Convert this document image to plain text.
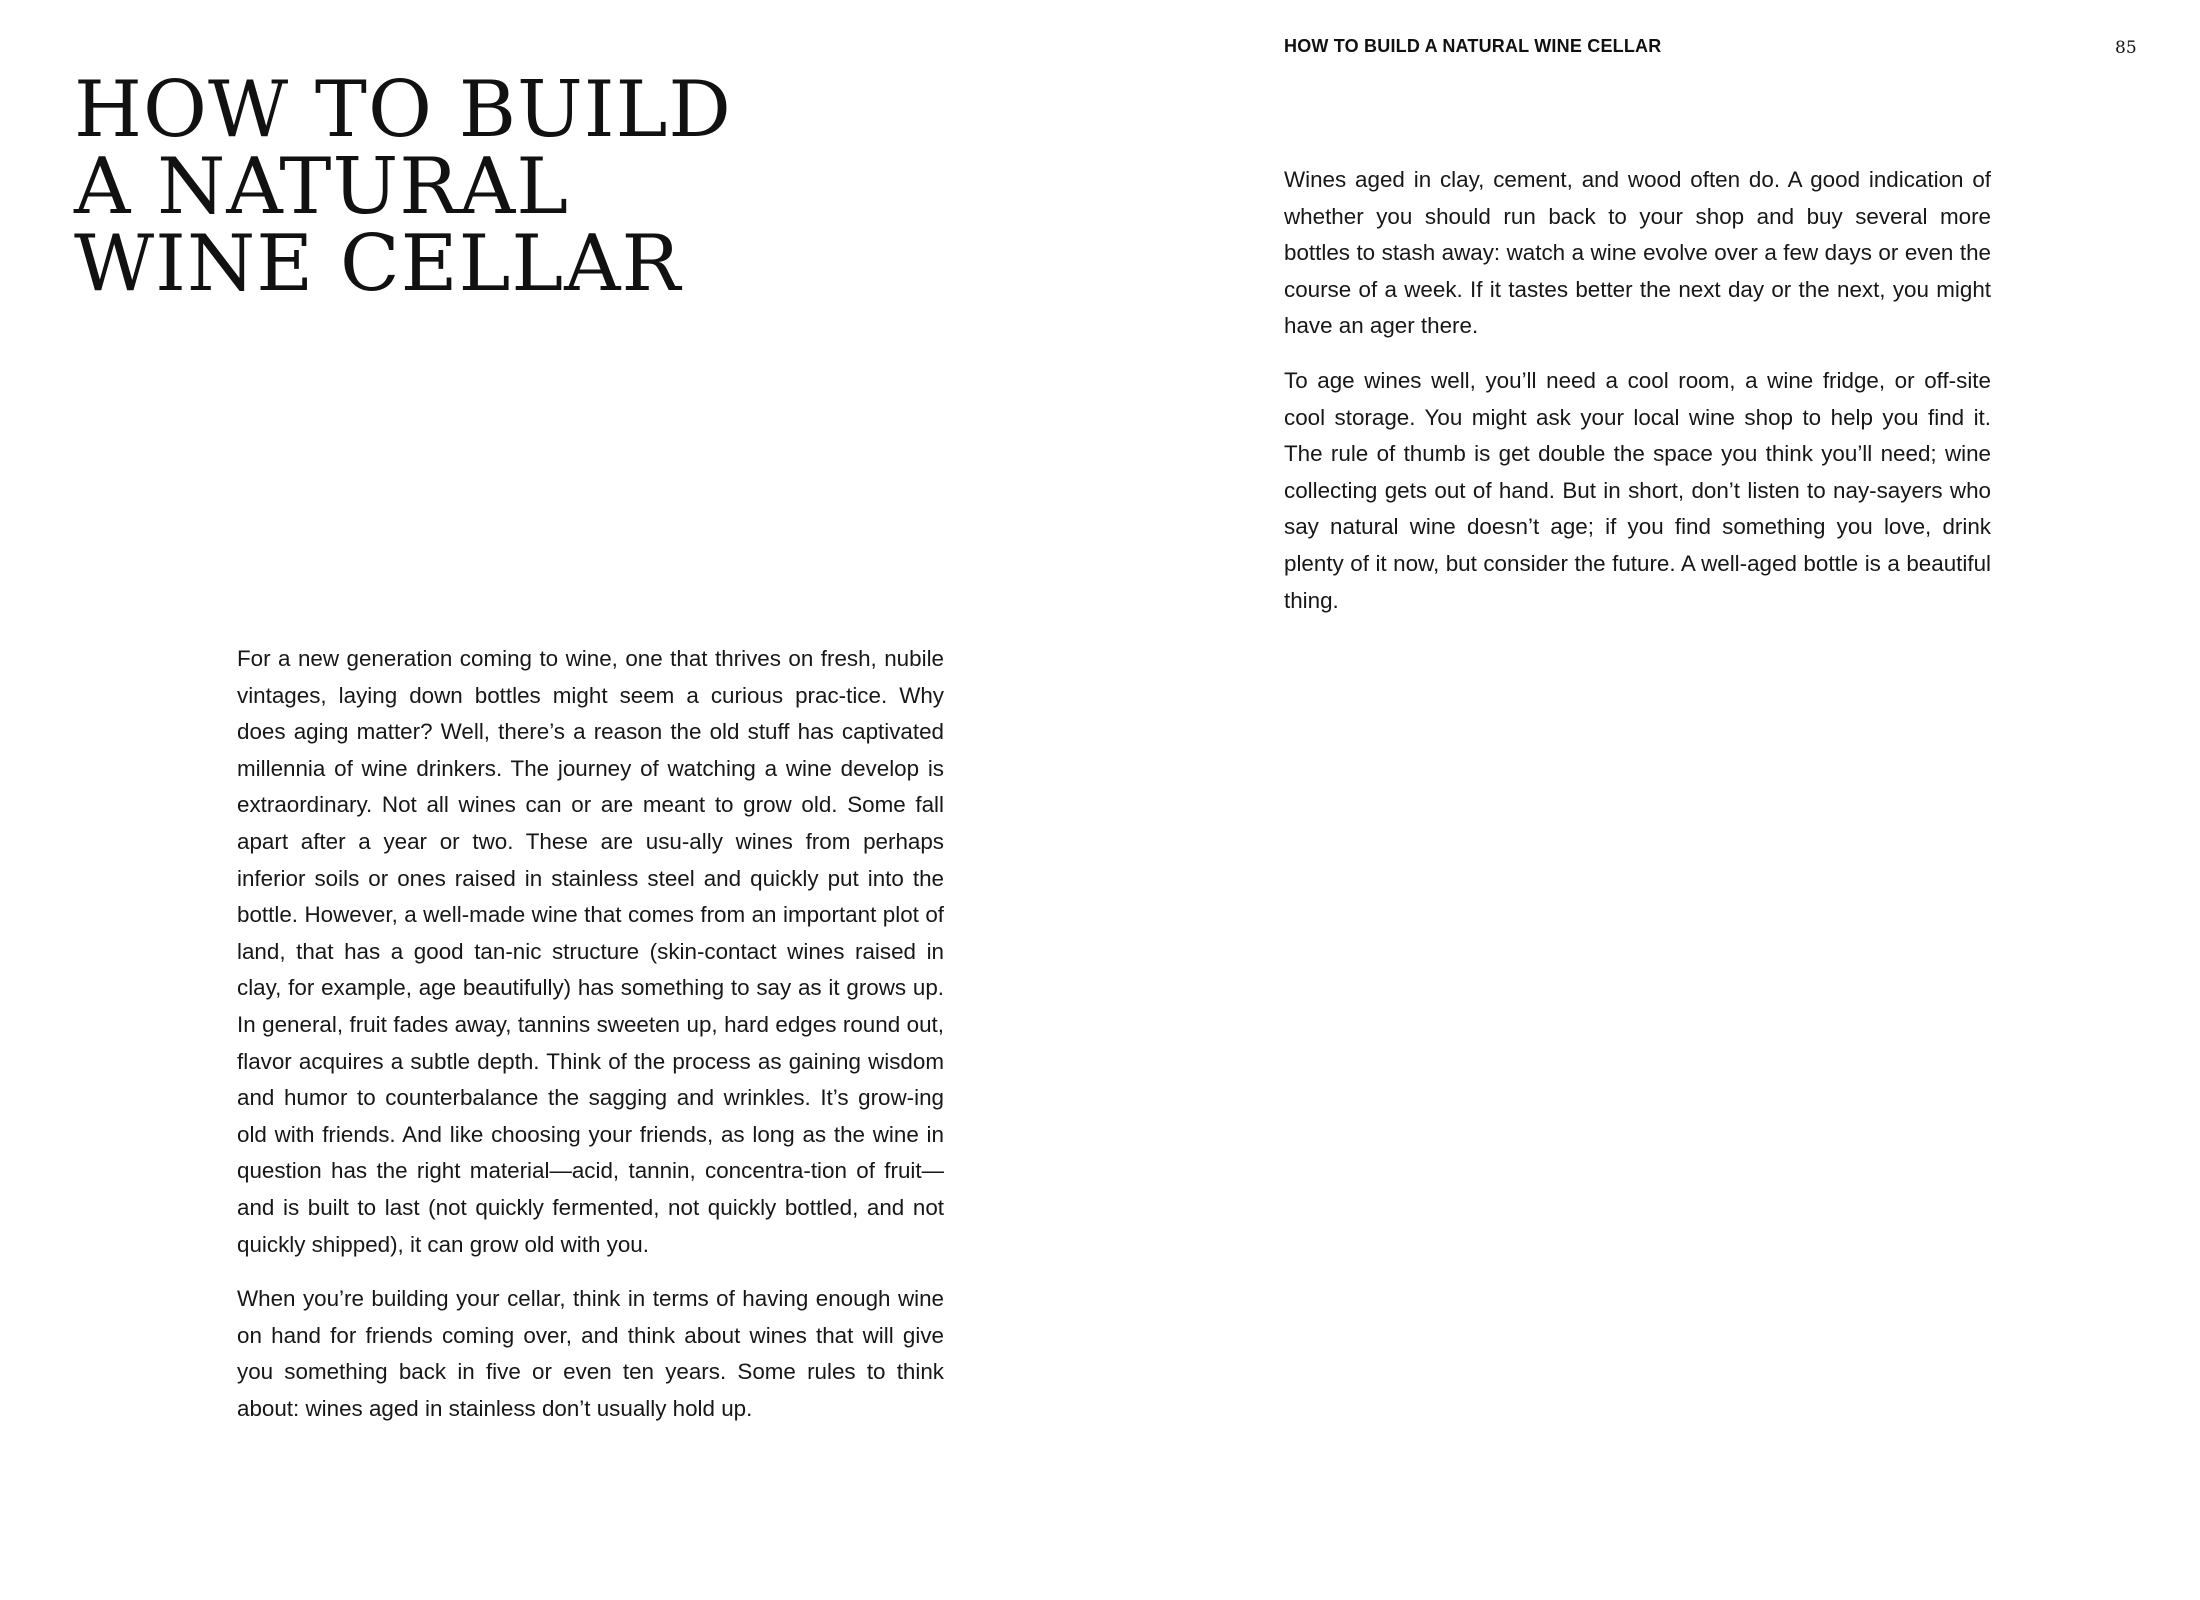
HOW TO BUILD
A NATURAL
WINE CELLAR

For a new generation coming to wine, one that thrives on fresh, nubile vintages, laying down bottles might seem a curious prac-tice. Why does aging matter? Well, there’s a reason the old stuff has captivated millennia of wine drinkers. The journey of watching a wine develop is extraordinary. Not all wines can or are meant to grow old. Some fall apart after a year or two. These are usu-ally wines from perhaps inferior soils or ones raised in stainless steel and quickly put into the bottle. However, a well-made wine that comes from an important plot of land, that has a good tan-nic structure (skin-contact wines raised in clay, for example, age beautifully) has something to say as it grows up. In general, fruit fades away, tannins sweeten up, hard edges round out, flavor acquires a subtle depth. Think of the process as gaining wisdom and humor to counterbalance the sagging and wrinkles. It’s grow-ing old with friends. And like choosing your friends, as long as the wine in question has the right material—acid, tannin, concentra-tion of fruit—and is built to last (not quickly fermented, not quickly bottled, and not quickly shipped), it can grow old with you.

When you’re building your cellar, think in terms of having enough wine on hand for friends coming over, and think about wines that will give you something back in five or even ten years. Some rules to think about: wines aged in stainless don’t usually hold up.

HOW TO BUILD A NATURAL WINE CELLAR	85

Wines aged in clay, cement, and wood often do. A good indication of whether you should run back to your shop and buy several more bottles to stash away: watch a wine evolve over a few days or even the course of a week. If it tastes better the next day or the next, you might have an ager there.

To age wines well, you’ll need a cool room, a wine fridge, or off-site cool storage. You might ask your local wine shop to help you find it. The rule of thumb is get double the space you think you’ll need; wine collecting gets out of hand. But in short, don’t listen to nay-sayers who say natural wine doesn’t age; if you find something you love, drink plenty of it now, but consider the future. A well-aged bottle is a beautiful thing.
